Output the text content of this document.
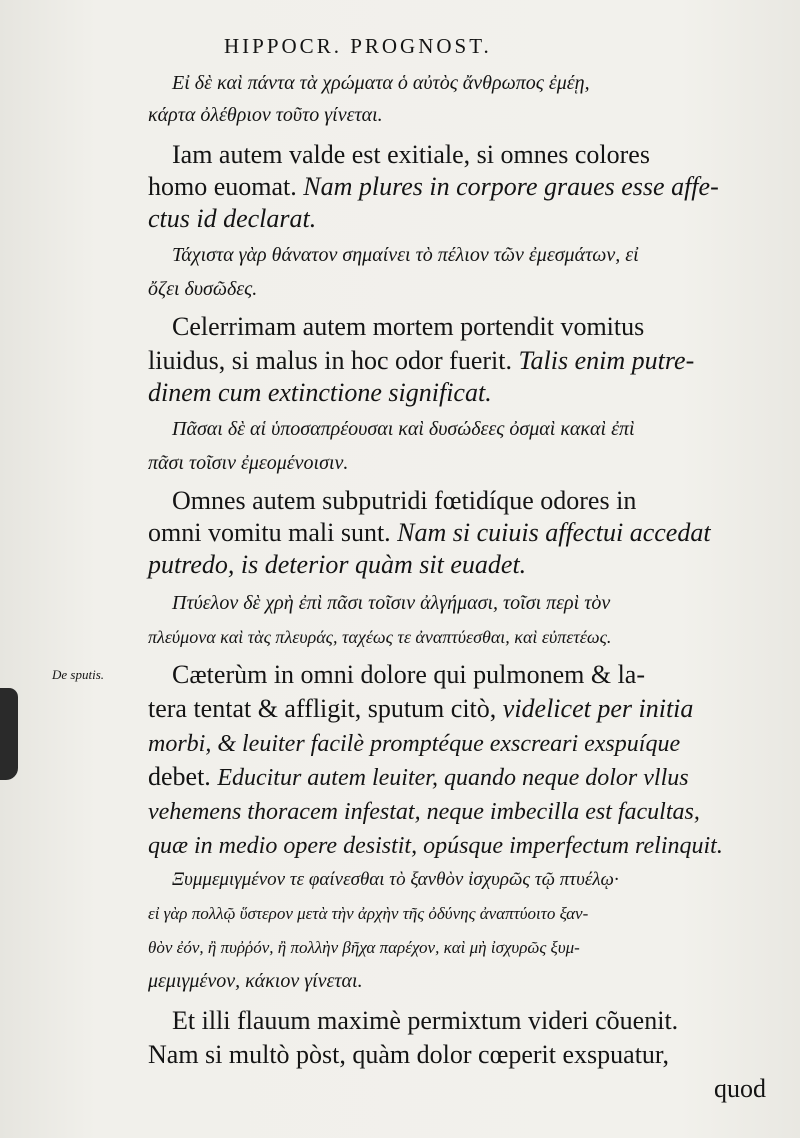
HIPPOCR. PROGNOST.
De sputis.
Εἰ δὲ καὶ πάντα τὰ χρώματα ὁ αὐτὸς ἄνθρωπος ἐμέῃ,
κάρτα ὀλέθριον τοῦτο γίνεται.
Iam autem valde est exitiale, si omnes colores
homo euomat. Nam plures in corpore graues esse affe-
ctus id declarat.
Τάχιστα γὰρ θάνατον σημαίνει τὸ πέλιον τῶν ἐμεσμάτων, εἰ
ὄζει δυσῶδες.
Celerrimam autem mortem portendit vomitus
liuidus, si malus in hoc odor fuerit. Talis enim putre-
dinem cum extinctione significat.
Πᾶσαι δὲ αἱ ὑποσαπρέουσαι καὶ δυσώδεες ὀσμαὶ κακαὶ ἐπὶ
πᾶσι τοῖσιν ἐμεομένοισιν.
Omnes autem subputridi fœtidíque odores in
omni vomitu mali sunt. Nam si cuiuis affectui accedat
putredo, is deterior quàm sit euadet.
Πτύελον δὲ χρὴ ἐπὶ πᾶσι τοῖσιν ἀλγήμασι, τοῖσι περὶ τὸν
πλεύμονα καὶ τὰς πλευράς, ταχέως τε ἀναπτύεσθαι, καὶ εὐπετέως.
Cæterùm in omni dolore qui pulmonem & la-
tera tentat & affligit, sputum citò, videlicet per initia
morbi, & leuiter facilè promptéque exscreari exspuíque
debet. Educitur autem leuiter, quando neque dolor vllus
vehemens thoracem infestat, neque imbecilla est facultas,
quæ in medio opere desistit, opúsque imperfectum relinquit.
Ξυμμεμιγμένον τε φαίνεσθαι τὸ ξανθὸν ἰσχυρῶς τῷ πτυέλῳ·
εἰ γὰρ πολλῷ ὕστερον μετὰ τὴν ἀρχὴν τῆς ὀδύνης ἀναπτύοιτο ξαν-
θὸν ἐόν, ἢ πυῤῥόν, ἢ πολλὴν βῆχα παρέχον, καὶ μὴ ἰσχυρῶς ξυμ-
μεμιγμένον, κάκιον γίνεται.
Et illi flauum maximè permixtum videri cõuenit.
Nam si multò pòst, quàm dolor cœperit exspuatur,
quod
